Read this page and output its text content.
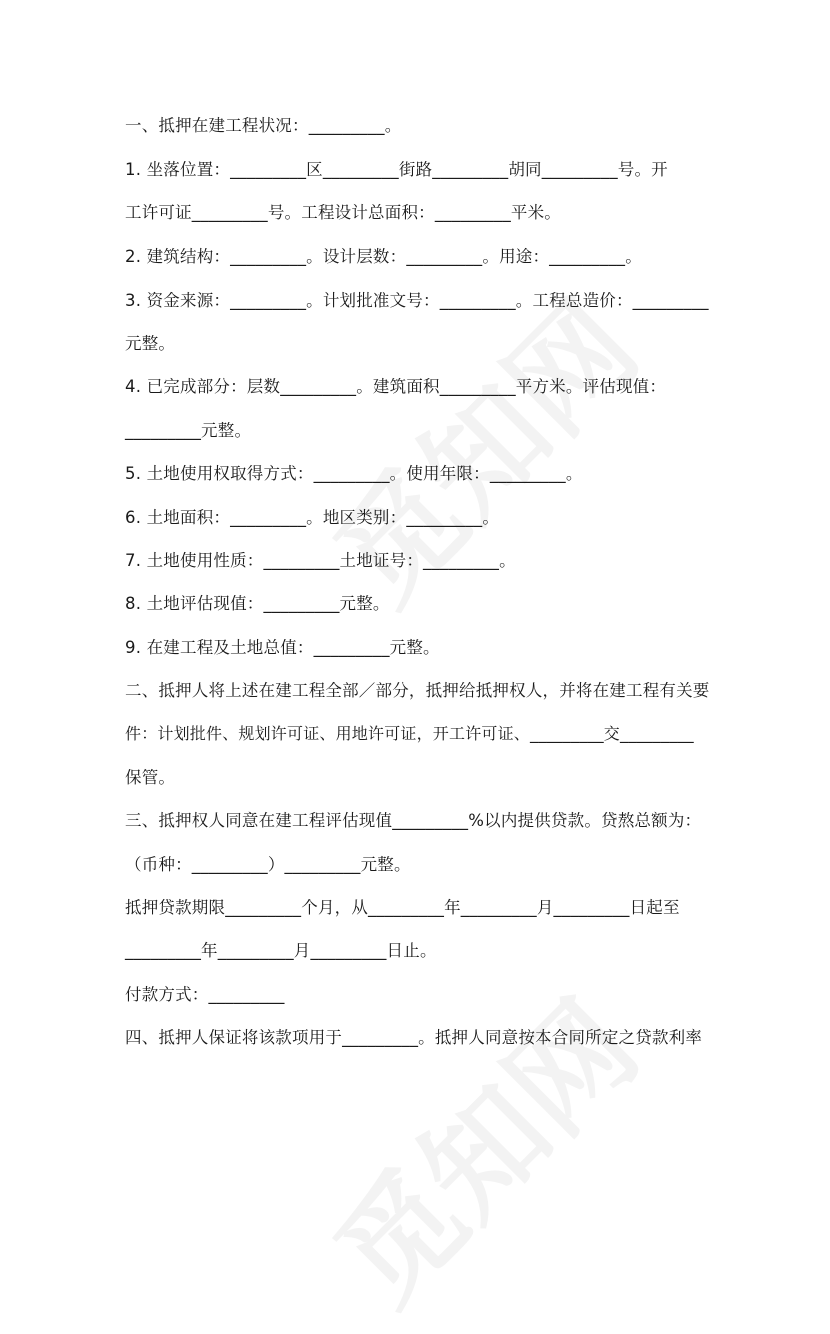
一、抵押在建工程状况：_________。
1. 坐落位置：_________区_________街路_________胡同_________号。开
工许可证_________号。工程设计总面积：_________平米。
2. 建筑结构：_________。设计层数：_________。用途：_________。
3. 资金来源：_________。计划批准文号：_________。工程总造价：_________
元整。
4. 已完成部分：层数_________。建筑面积_________平方米。评估现值：
_________元整。
5. 土地使用权取得方式：_________。使用年限：_________。
6. 土地面积：_________。地区类别：_________。
7. 土地使用性质：_________土地证号：_________。
8. 土地评估现值：_________元整。
9. 在建工程及土地总值：_________元整。
二、抵押人将上述在建工程全部／部分，抵押给抵押权人，并将在建工程有关要
件：计划批件、规划许可证、用地许可证，开工许可证、_________交_________
保管。
三、抵押权人同意在建工程评估现值_________%以内提供贷款。贷熬总额为：
（币种：_________）_________元整。
抵押贷款期限_________个月，从_________年_________月_________日起至
_________年_________月_________日止。
付款方式：_________
四、抵押人保证将该款项用于_________。抵押人同意按本合同所定之贷款利率
